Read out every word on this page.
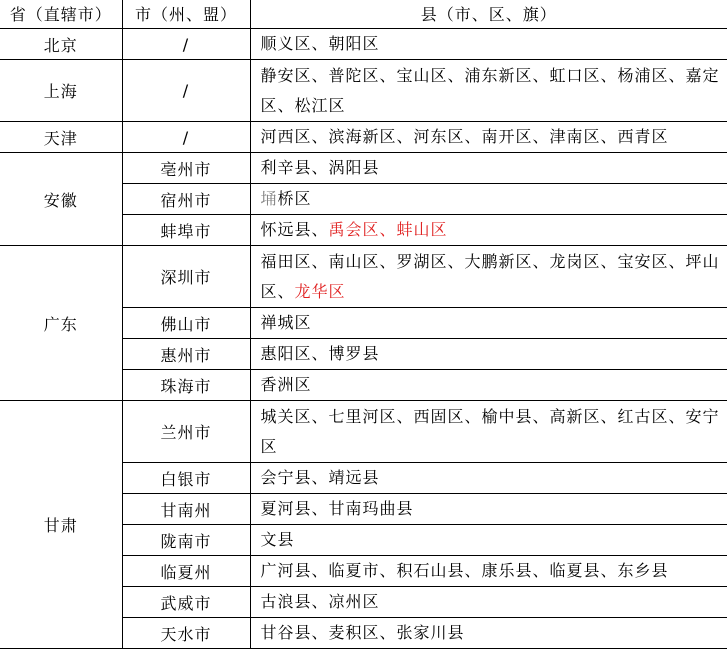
省（直辖市）	市（州、盟）	县（市、区、旗）
北京	/	顺义区、朝阳区
上海	/	静安区、普陀区、宝山区、浦东新区、虹口区、杨浦区、嘉定区、松江区
天津	/	河西区、滨海新区、河东区、南开区、津南区、西青区
安徽	亳州市	利辛县、涡阳县
	宿州市	埇桥区
	蚌埠市	怀远县、禹会区、蚌山区
广东	深圳市	福田区、南山区、罗湖区、大鹏新区、龙岗区、宝安区、坪山区、龙华区
	佛山市	禅城区
	惠州市	惠阳区、博罗县
	珠海市	香洲区
甘肃	兰州市	城关区、七里河区、西固区、榆中县、高新区、红古区、安宁区
	白银市	会宁县、靖远县
	甘南州	夏河县、甘南玛曲县
	陇南市	文县
	临夏州	广河县、临夏市、积石山县、康乐县、临夏县、东乡县
	武威市	古浪县、凉州区
	天水市	甘谷县、麦积区、张家川县
